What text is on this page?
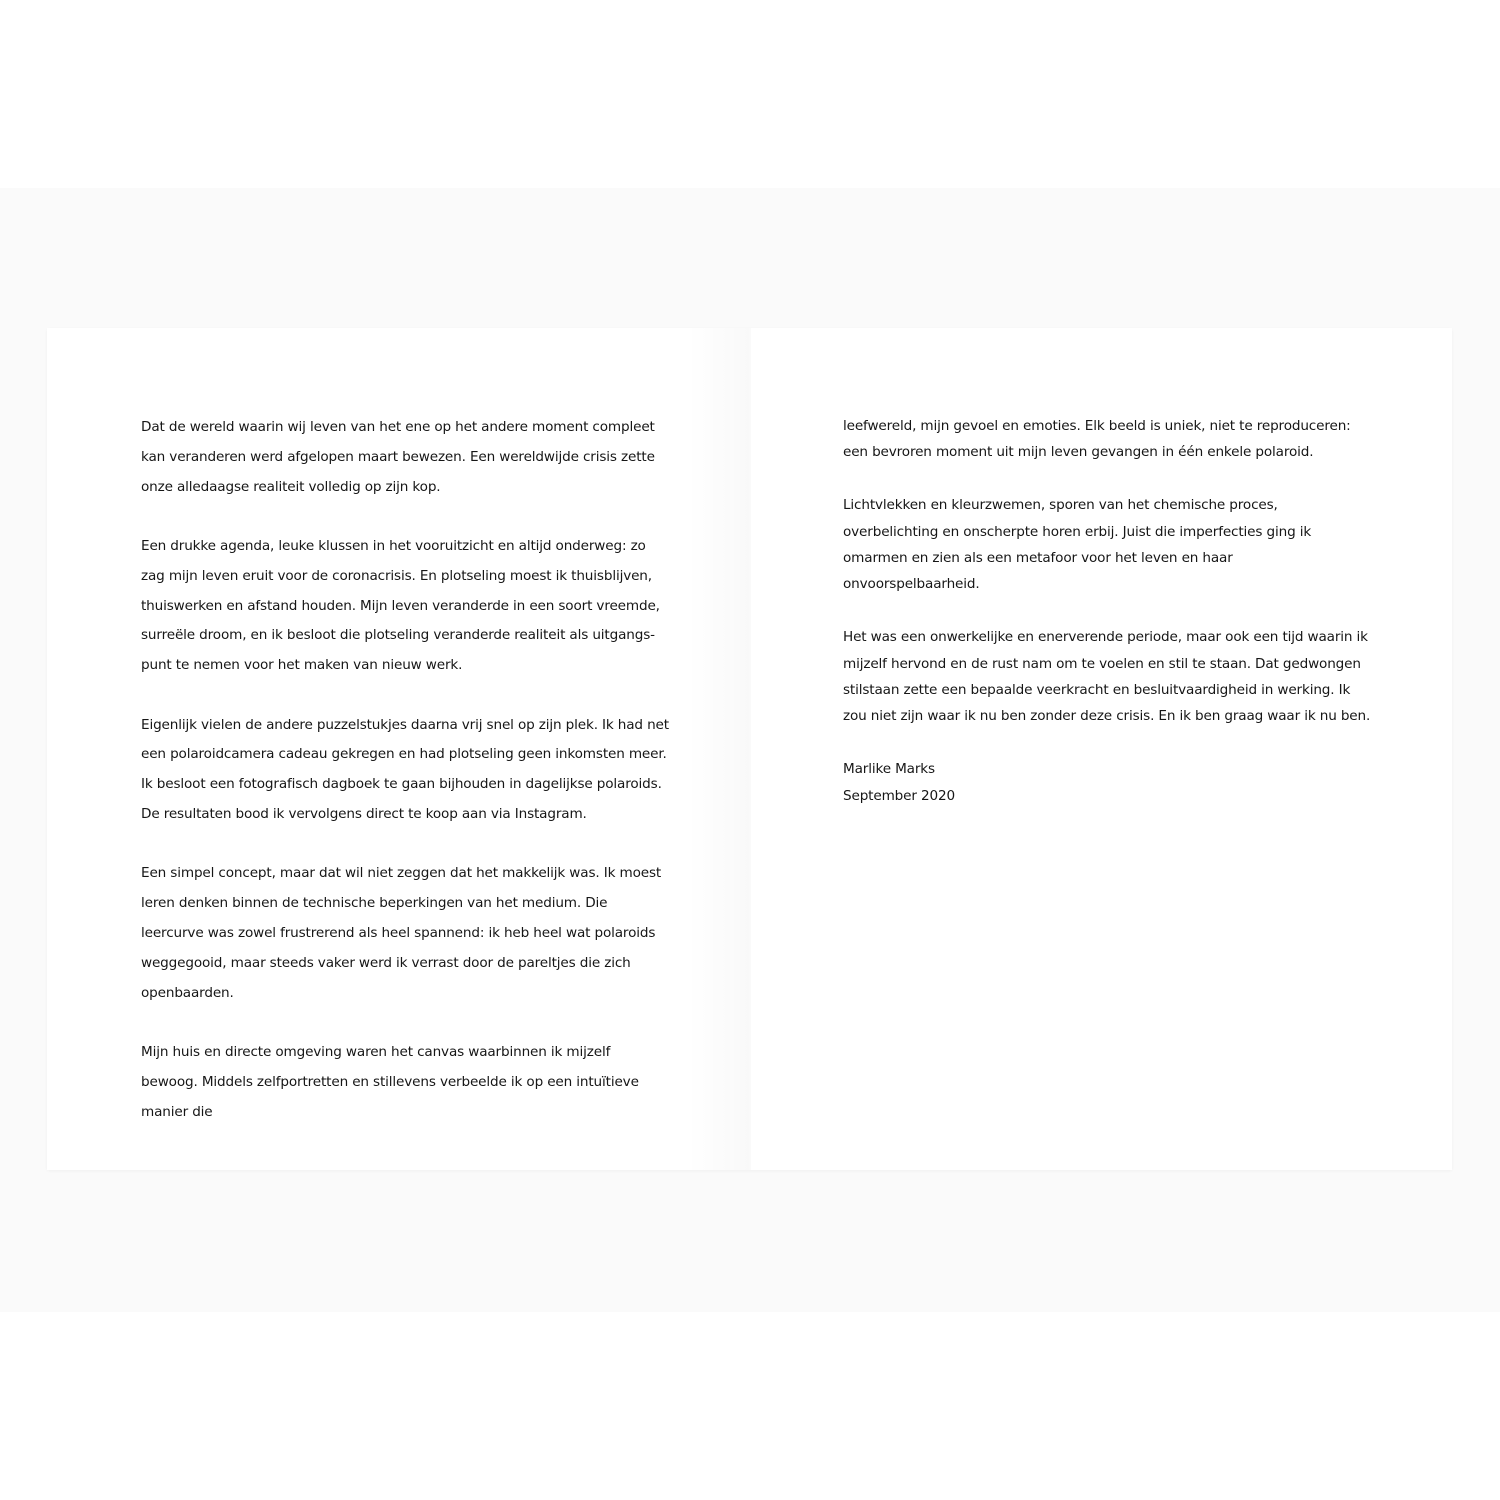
Dat de wereld waarin wij leven van het ene op het andere moment compleet kan veranderen werd afgelopen maart bewezen. Een wereldwijde crisis zette onze alledaagse realiteit volledig op zijn kop.

Een drukke agenda, leuke klussen in het vooruitzicht en altijd onderweg: zo zag mijn leven eruit voor de coronacrisis. En plotseling moest ik thuisblijven, thuiswerken en afstand houden. Mijn leven veranderde in een soort vreemde, surreële droom, en ik besloot die plotseling veranderde realiteit als uitgangs-punt te nemen voor het maken van nieuw werk.

Eigenlijk vielen de andere puzzelstukjes daarna vrij snel op zijn plek. Ik had net een polaroidcamera cadeau gekregen en had plotseling geen inkomsten meer. Ik besloot een fotografisch dagboek te gaan bijhouden in dagelijkse polaroids. De resultaten bood ik vervolgens direct te koop aan via Instagram.

Een simpel concept, maar dat wil niet zeggen dat het makkelijk was. Ik moest leren denken binnen de technische beperkingen van het medium. Die leercurve was zowel frustrerend als heel spannend: ik heb heel wat polaroids weggegooid, maar steeds vaker werd ik verrast door de pareltjes die zich openbaarden.

Mijn huis en directe omgeving waren het canvas waarbinnen ik mijzelf bewoog. Middels zelfportretten en stillevens verbeelde ik op een intuïtieve manier die

leefwereld, mijn gevoel en emoties. Elk beeld is uniek, niet te reproduceren: een bevroren moment uit mijn leven gevangen in één enkele polaroid.

Lichtvlekken en kleurzwemen, sporen van het chemische proces, overbelichting en onscherpte horen erbij. Juist die imperfecties ging ik omarmen en zien als een metafoor voor het leven en haar onvoorspelbaarheid.

Het was een onwerkelijke en enerverende periode, maar ook een tijd waarin ik mijzelf hervond en de rust nam om te voelen en stil te staan. Dat gedwongen stilstaan zette een bepaalde veerkracht en besluitvaardigheid in werking. Ik zou niet zijn waar ik nu ben zonder deze crisis. En ik ben graag waar ik nu ben.

Marlike Marks
September 2020
